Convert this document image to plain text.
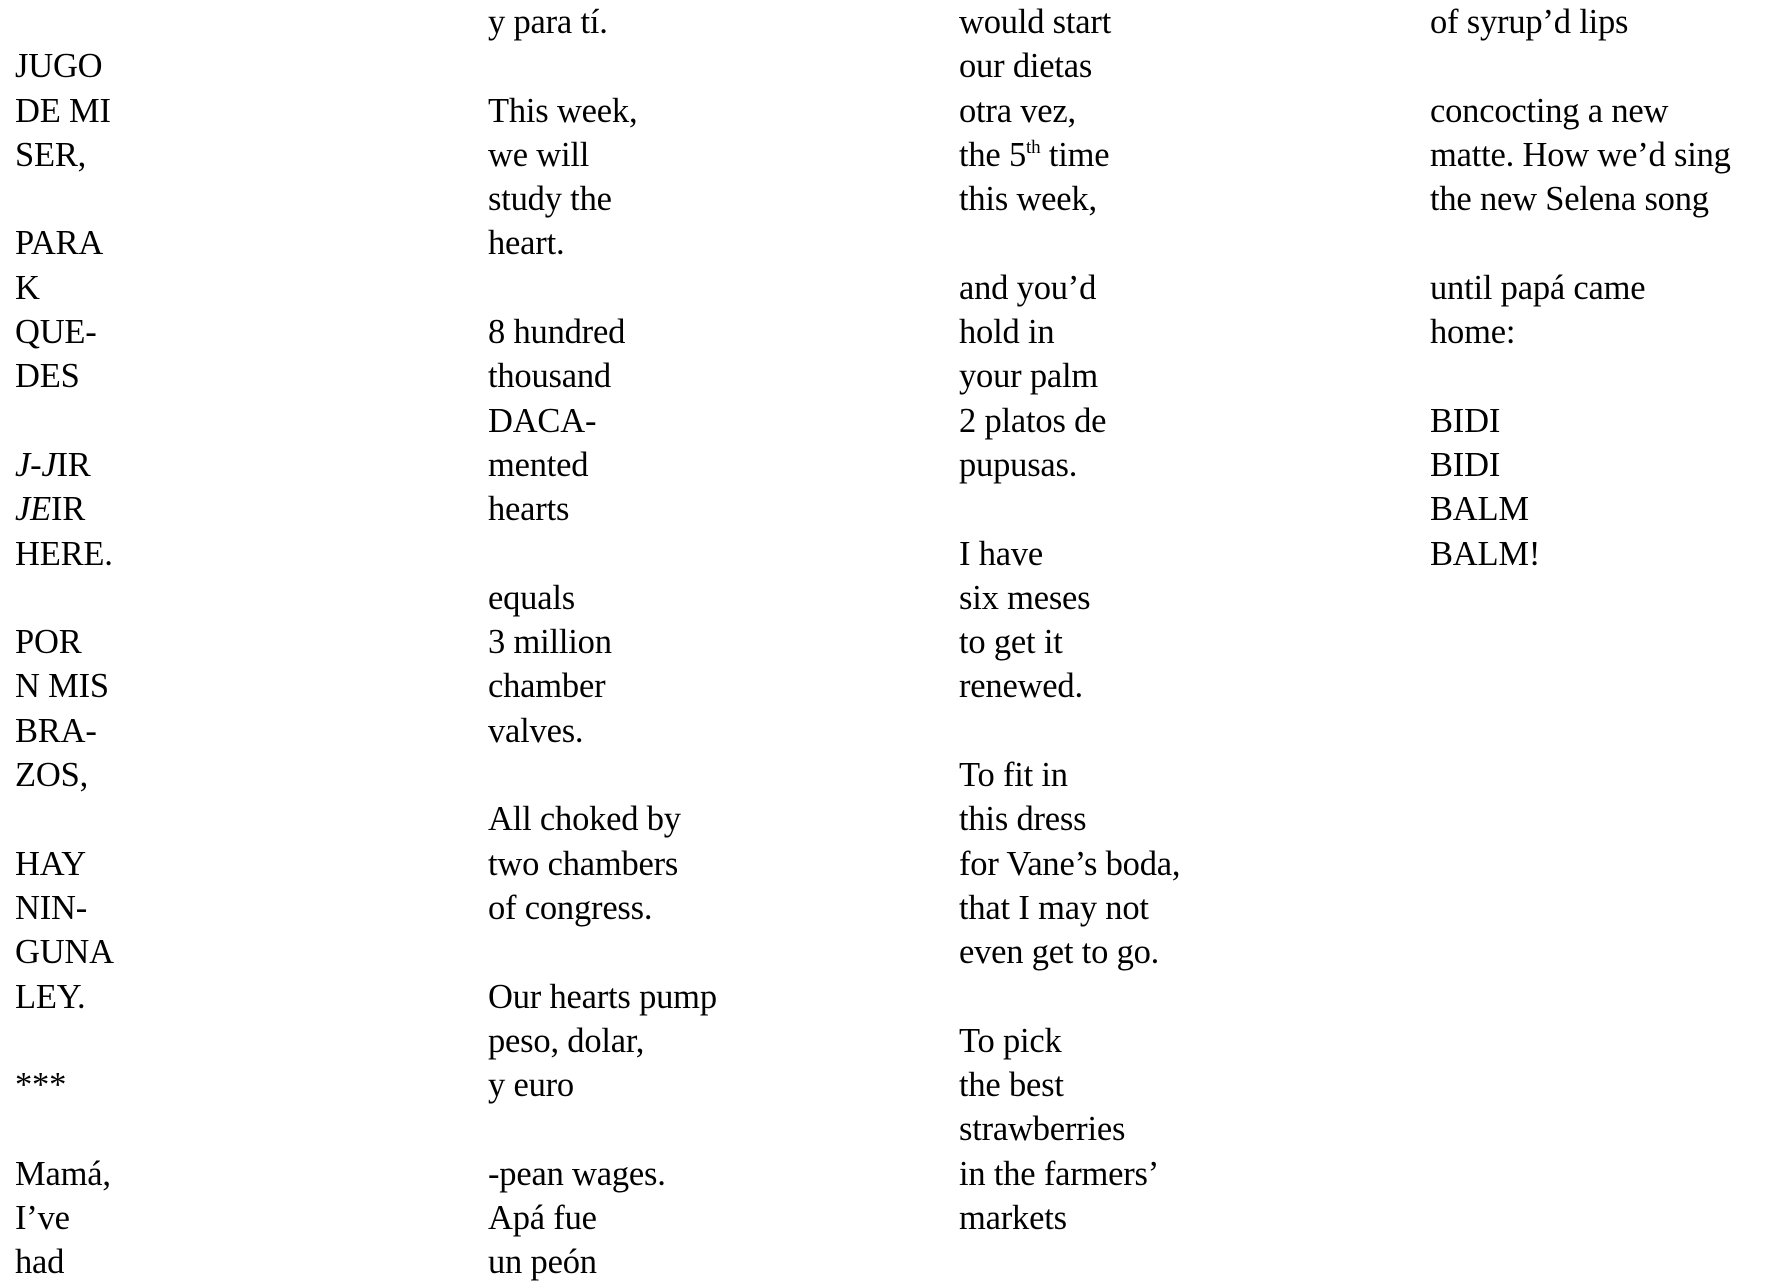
JUGO
DE MI
SER,
PARA
K
QUE-
DES
J-JIR
JEIR
HERE.
POR
N MIS
BRA-
ZOS,
HAY
NIN-
GUNA
LEY.
***
Mamá,
I’ve
had
y para tí.
This week,
we will
study the
heart.
8 hundred
thousand
DACA-
mented
hearts
equals
3 million
chamber
valves.
All choked by
two chambers
of congress.
Our hearts pump
peso, dolar,
y euro
-pean wages.
Apá fue
un peón
would start
our dietas
otra vez,
the 5th time
this week,
and you’d
hold in
your palm
2 platos de
pupusas.
I have
six meses
to get it
renewed.
To fit in
this dress
for Vane’s boda,
that I may not
even get to go.
To pick
the best
strawberries
in the farmers’
markets
of syrup’d lips
concocting a new
matte. How we’d sing
the new Selena song
until papá came
home:
BIDI
BIDI
BALM
BALM!
